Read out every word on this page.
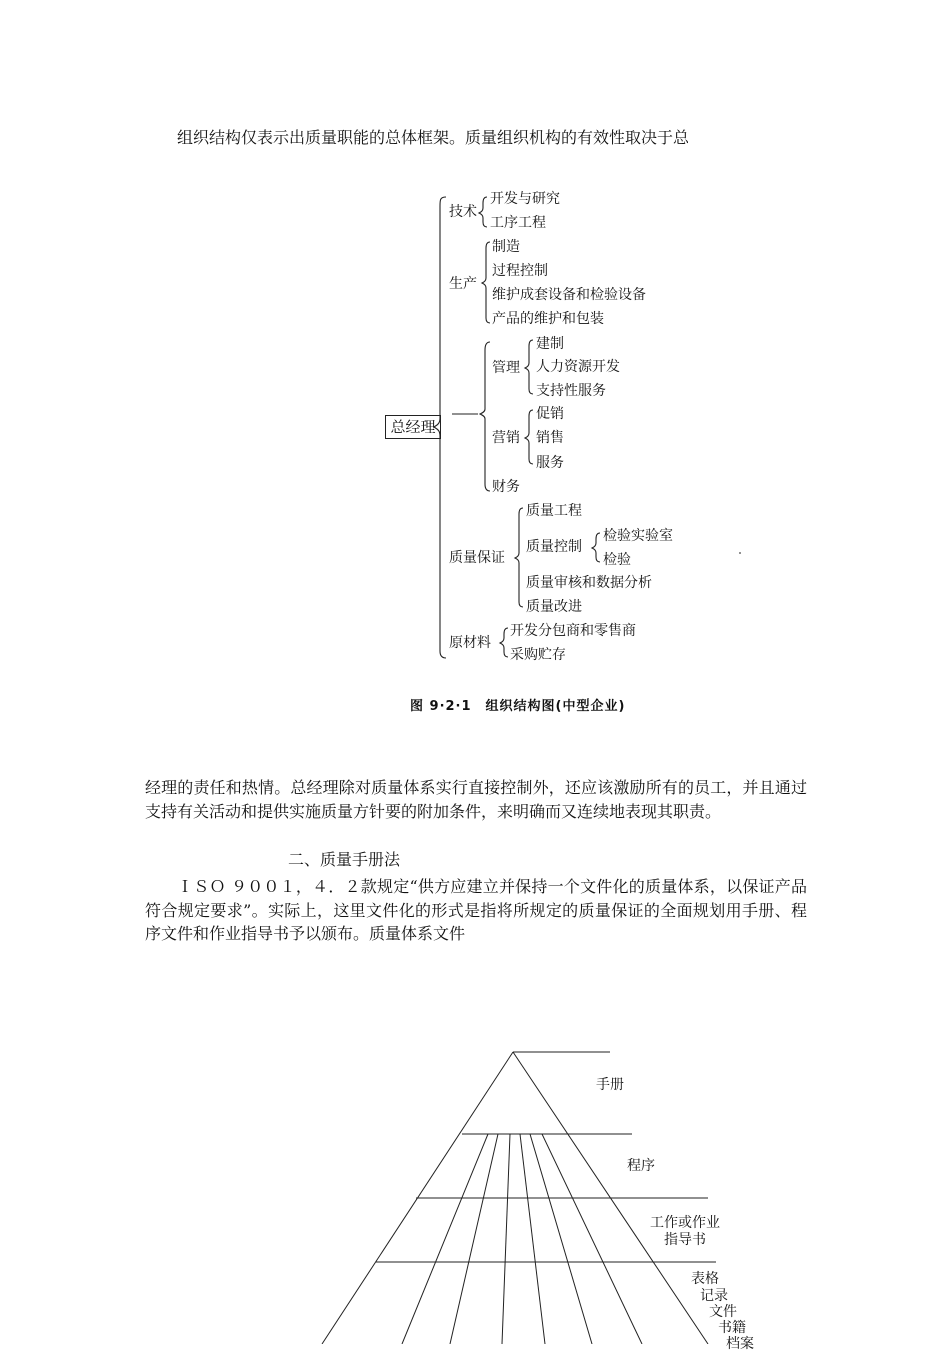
组织结构仅表示出质量职能的总体框架。质量组织机构的有效性取决于总

总经理
技术
开发与研究
工序工程
生产
制造
过程控制
维护成套设备和检验设备
产品的维护和包装
管理
建制
人力资源开发
支持性服务
营销
促销
销售
服务
财务
质量保证
质量工程
质量控制
检验实验室
检验
质量审核和数据分析
质量改进
原材料
开发分包商和零售商
采购贮存
图 9·2·1　组织结构图(中型企业)

经理的责任和热情。总经理除对质量体系实行直接控制外，还应该激励所有的员工，并且通过支持有关活动和提供实施质量方针要的附加条件，来明确而又连续地表现其职责。

二、质量手册法

ＩＳＯ ９００１，４．２款规定“供方应建立并保持一个文件化的质量体系，以保证产品符合规定要求”。实际上，这里文件化的形式是指将所规定的质量保证的全面规划用手册、程序文件和作业指导书予以颁布。质量体系文件

手册
程序
工作或作业
指导书
表格
记录
文件
书籍
档案
